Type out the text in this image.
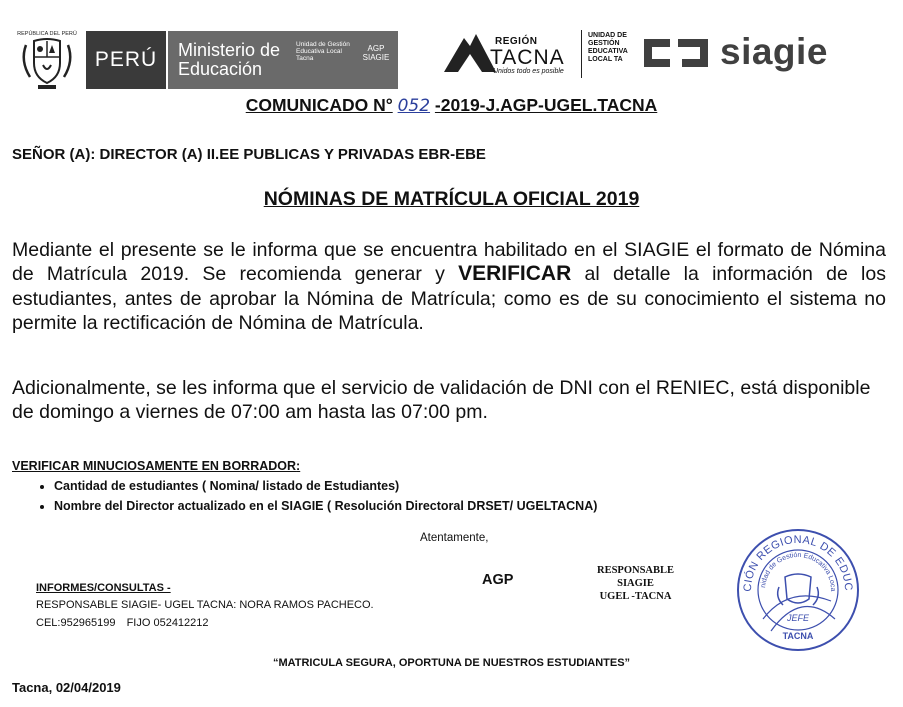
REPÚBLICA DEL PERÚ
PERÚ Ministerio de Educación
Unidad de Gestión Educativa Local Tacna
AGP SIAGIE
REGIÓN
TACNA
Unidos todo es posible
UNIDAD DE GESTIÓN EDUCATIVA LOCAL TA	siagie
COMUNICADO N° 052 -2019-J.AGP-UGEL.TACNA
SEÑOR (A): DIRECTOR (A) II.EE PUBLICAS Y PRIVADAS EBR-EBE
NÓMINAS DE MATRÍCULA OFICIAL 2019
Mediante el presente se le informa que se encuentra habilitado en el SIAGIE el formato de Nómina de Matrícula 2019. Se recomienda generar y VERIFICAR al detalle la información de los estudiantes, antes de aprobar la Nómina de Matrícula; como es de su conocimiento el sistema no permite la rectificación de Nómina de Matrícula.
Adicionalmente, se les informa que el servicio de validación de DNI con el RENIEC, está disponible de domingo a viernes de 07:00 am hasta las 07:00 pm.
VERIFICAR MINUCIOSAMENTE EN BORRADOR:
• Cantidad de estudiantes ( Nomina/ listado de Estudiantes)
• Nombre del Director actualizado en el SIAGIE ( Resolución Directoral DRSET/ UGELTACNA)
Atentamente,
AGP
RESPONSABLE
SIAGIE
UGEL -TACNA
INFORMES/CONSULTAS -
RESPONSABLE SIAGIE- UGEL TACNA: NORA RAMOS PACHECO.
CEL:952965199 FIJO 052412212
“MATRICULA SEGURA, OPORTUNA DE NUESTROS ESTUDIANTES”
Tacna, 02/04/2019
CIÓN REGIONAL DE EDUC
nidad de Gestión Educativa Loca
JEFE
TACNA
